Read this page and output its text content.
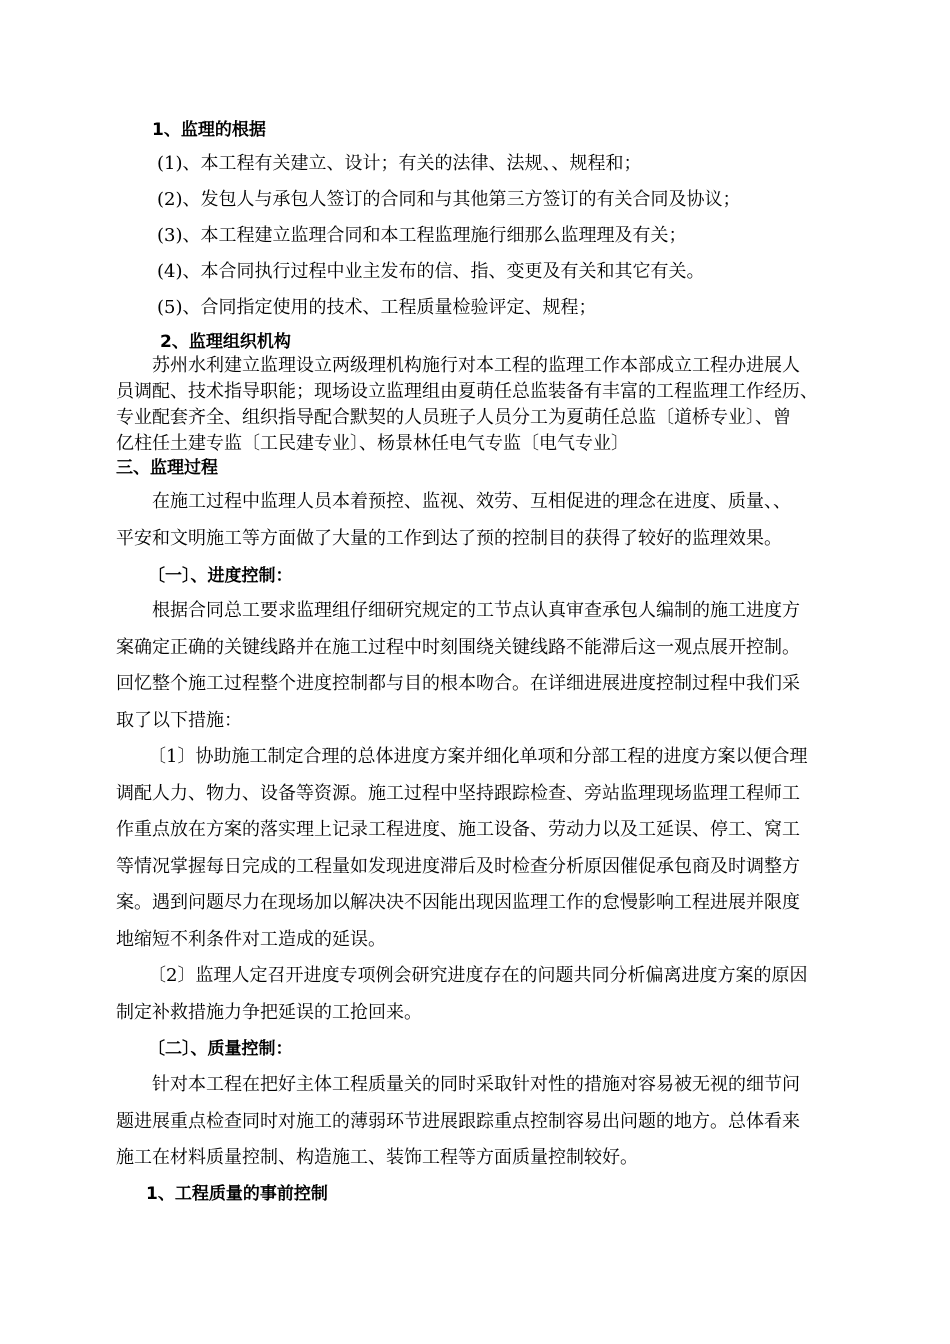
1、监理的根据
(1)、本工程有关建立、设计；有关的法律、法规、、规程和；
(2)、发包人与承包人签订的合同和与其他第三方签订的有关合同及协议；
(3)、本工程建立监理合同和本工程监理施行细那么监理理及有关；
(4)、本合同执行过程中业主发布的信、指、变更及有关和其它有关。
(5)、合同指定使用的技术、工程质量检验评定、规程；
2、监理组织机构
苏州水利建立监理设立两级理机构施行对本工程的监理工作本部成立工程办进展人
员调配、技术指导职能；现场设立监理组由夏萌任总监装备有丰富的工程监理工作经历、
专业配套齐全、组织指导配合默契的人员班子人员分工为夏萌任总监〔道桥专业〕、曾
亿柱任土建专监〔工民建专业〕、杨景林任电气专监〔电气专业〕
三、监理过程
在施工过程中监理人员本着预控、监视、效劳、互相促进的理念在进度、质量、、
平安和文明施工等方面做了大量的工作到达了预的控制目的获得了较好的监理效果。
〔一〕、进度控制：
根据合同总工要求监理组仔细研究规定的工节点认真审查承包人编制的施工进度方
案确定正确的关键线路并在施工过程中时刻围绕关键线路不能滞后这一观点展开控制。
回忆整个施工过程整个进度控制都与目的根本吻合。在详细进展进度控制过程中我们采
取了以下措施：
〔1〕协助施工制定合理的总体进度方案并细化单项和分部工程的进度方案以便合理
调配人力、物力、设备等资源。施工过程中坚持跟踪检查、旁站监理现场监理工程师工
作重点放在方案的落实理上记录工程进度、施工设备、劳动力以及工延误、停工、窝工
等情况掌握每日完成的工程量如发现进度滞后及时检查分析原因催促承包商及时调整方
案。遇到问题尽力在现场加以解决决不因能出现因监理工作的怠慢影响工程进展并限度
地缩短不利条件对工造成的延误。
〔2〕监理人定召开进度专项例会研究进度存在的问题共同分析偏离进度方案的原因
制定补救措施力争把延误的工抢回来。
〔二〕、质量控制：
针对本工程在把好主体工程质量关的同时采取针对性的措施对容易被无视的细节问
题进展重点检查同时对施工的薄弱环节进展跟踪重点控制容易出问题的地方。总体看来
施工在材料质量控制、构造施工、装饰工程等方面质量控制较好。
1、工程质量的事前控制
